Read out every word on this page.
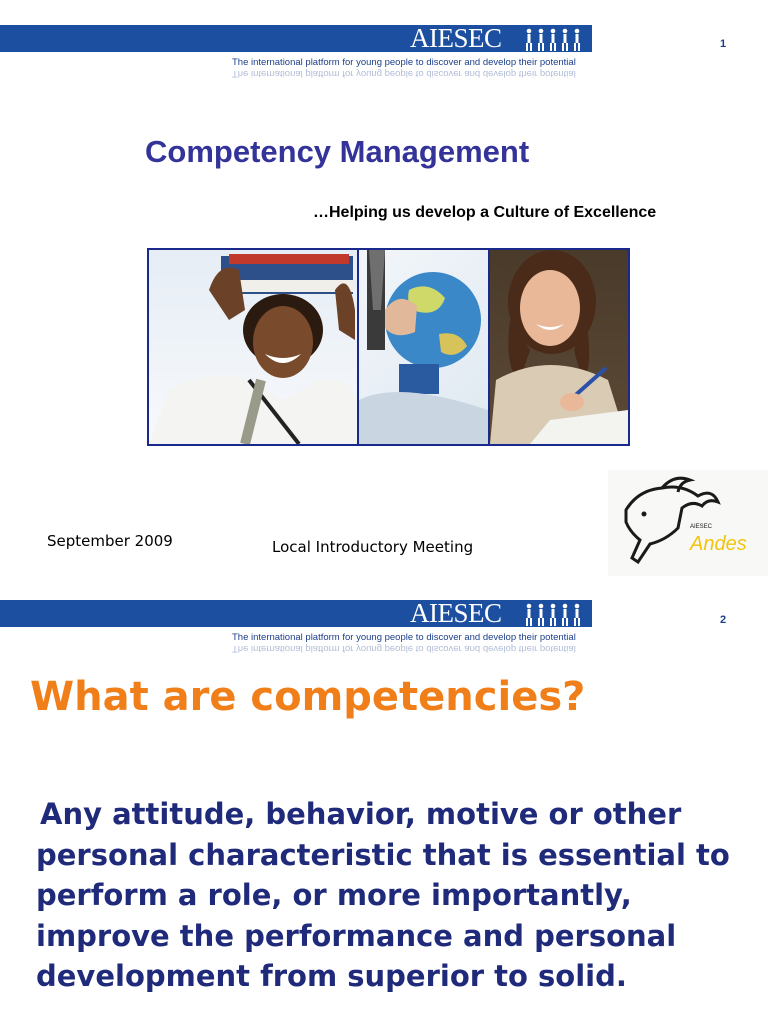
AIESEC
The international platform for young people to discover and develop their potential
The international platform for young people to discover and develop their potential
1
Competency Management
…Helping us develop a Culture of Excellence
September 2009	Local Introductory Meeting
AIESEC
Andes
AIESEC
The international platform for young people to discover and develop their potential
The international platform for young people to discover and develop their potential
2
What are competencies?
Any attitude, behavior, motive or other personal characteristic that is essential to perform a role, or more importantly, improve the performance and personal development from superior to solid.
